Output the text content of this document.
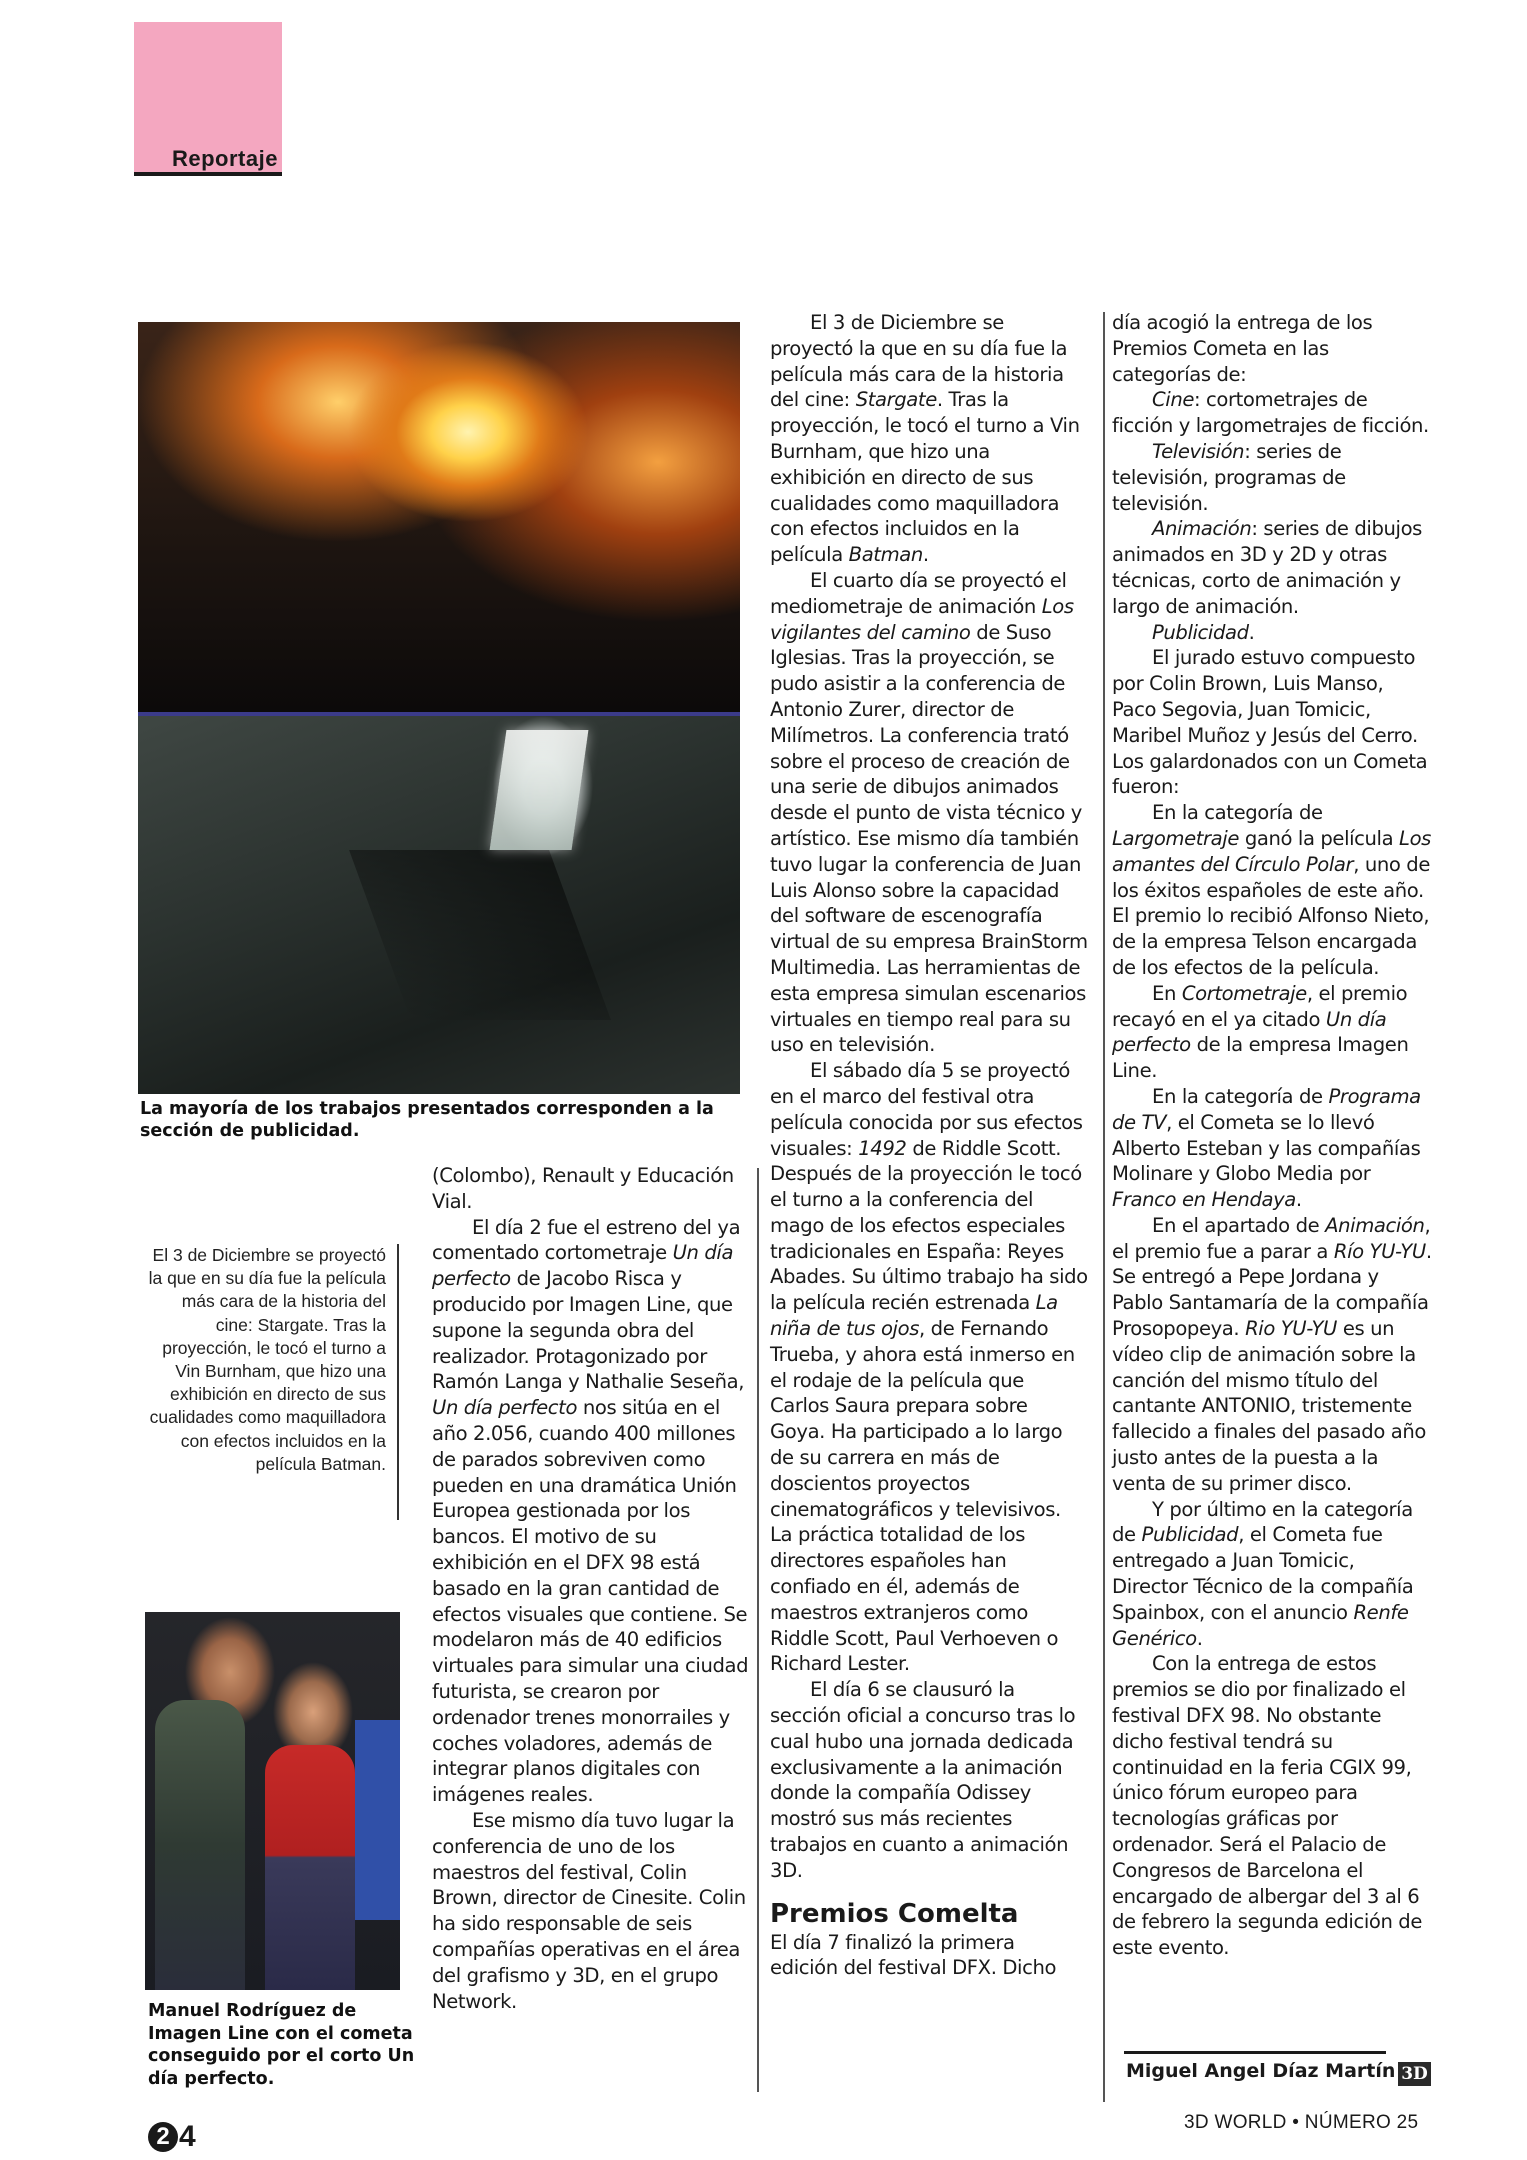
Reportaje
La mayoría de los trabajos presentados corresponden a la sección de publicidad.
El 3 de Diciembre se proyectó la que en su día fue la película más cara de la historia del cine: Stargate. Tras la proyección, le tocó el turno a Vin Burnham, que hizo una exhibición en directo de sus cualidades como maquilladora con efectos incluidos en la película Batman.
Manuel Rodríguez de Imagen Line con el cometa conseguido por el corto Un día perfecto.
2 4

(Colombo), Renault y Educación Vial.

El día 2 fue el estreno del ya comentado cortometraje Un día perfecto de Jacobo Risca y producido por Imagen Line, que supone la segunda obra del realizador. Protagonizado por Ramón Langa y Nathalie Seseña, Un día perfecto nos sitúa en el año 2.056, cuando 400 millones de parados sobreviven como pueden en una dramática Unión Europea gestionada por los bancos. El motivo de su exhibición en el DFX 98 está basado en la gran cantidad de efectos visuales que contiene. Se modelaron más de 40 edificios virtuales para simular una ciudad futurista, se crearon por ordenador trenes monorrailes y coches voladores, además de integrar planos digitales con imágenes reales.

Ese mismo día tuvo lugar la conferencia de uno de los maestros del festival, Colin Brown, director de Cinesite. Colin ha sido responsable de seis compañías operativas en el área del grafismo y 3D, en el grupo Network.

El 3 de Diciembre se proyectó la que en su día fue la película más cara de la historia del cine: Stargate. Tras la proyección, le tocó el turno a Vin Burnham, que hizo una exhibición en directo de sus cualidades como maquilladora con efectos incluidos en la película Batman.

El cuarto día se proyectó el mediometraje de animación Los vigilantes del camino de Suso Iglesias. Tras la proyección, se pudo asistir a la conferencia de Antonio Zurer, director de Milímetros. La conferencia trató sobre el proceso de creación de una serie de dibujos animados desde el punto de vista técnico y artístico. Ese mismo día también tuvo lugar la conferencia de Juan Luis Alonso sobre la capacidad del software de escenografía virtual de su empresa BrainStorm Multimedia. Las herramientas de esta empresa simulan escenarios virtuales en tiempo real para su uso en televisión.

El sábado día 5 se proyectó en el marco del festival otra película conocida por sus efectos visuales: 1492 de Riddle Scott. Después de la proyección le tocó el turno a la conferencia del mago de los efectos especiales tradicionales en España: Reyes Abades. Su último trabajo ha sido la película recién estrenada La niña de tus ojos, de Fernando Trueba, y ahora está inmerso en el rodaje de la película que Carlos Saura prepara sobre Goya. Ha participado a lo largo de su carrera en más de doscientos proyectos cinematográficos y televisivos. La práctica totalidad de los directores españoles han confiado en él, además de maestros extranjeros como Riddle Scott, Paul Verhoeven o Richard Lester.

El día 6 se clausuró la sección oficial a concurso tras lo cual hubo una jornada dedicada exclusivamente a la animación donde la compañía Odissey mostró sus más recientes trabajos en cuanto a animación 3D.

Premios Comelta

El día 7 finalizó la primera edición del festival DFX. Dicho

día acogió la entrega de los Premios Cometa en las categorías de:

Cine: cortometrajes de ficción y largometrajes de ficción.

Televisión: series de televisión, programas de televisión.

Animación: series de dibujos animados en 3D y 2D y otras técnicas, corto de animación y largo de animación.

Publicidad.

El jurado estuvo compuesto por Colin Brown, Luis Manso, Paco Segovia, Juan Tomicic, Maribel Muñoz y Jesús del Cerro. Los galardonados con un Cometa fueron:

En la categoría de Largometraje ganó la película Los amantes del Círculo Polar, uno de los éxitos españoles de este año. El premio lo recibió Alfonso Nieto, de la empresa Telson encargada de los efectos de la película.

En Cortometraje, el premio recayó en el ya citado Un día perfecto de la empresa Imagen Line.

En la categoría de Programa de TV, el Cometa se lo llevó Alberto Esteban y las compañías Molinare y Globo Media por Franco en Hendaya.

En el apartado de Animación, el premio fue a parar a Río YU-YU. Se entregó a Pepe Jordana y Pablo Santamaría de la compañía Prosopopeya. Rio YU-YU es un vídeo clip de animación sobre la canción del mismo título del cantante ANTONIO, tristemente fallecido a finales del pasado año justo antes de la puesta a la venta de su primer disco.

Y por último en la categoría de Publicidad, el Cometa fue entregado a Juan Tomicic, Director Técnico de la compañía Spainbox, con el anuncio Renfe Genérico.

Con la entrega de estos premios se dio por finalizado el festival DFX 98. No obstante dicho festival tendrá su continuidad en la feria CGIX 99, único fórum europeo para tecnologías gráficas por ordenador. Será el Palacio de Congresos de Barcelona el encargado de albergar del 3 al 6 de febrero la segunda edición de este evento.

Miguel Angel Díaz Martín 3D
3D WORLD • NÚMERO 25
